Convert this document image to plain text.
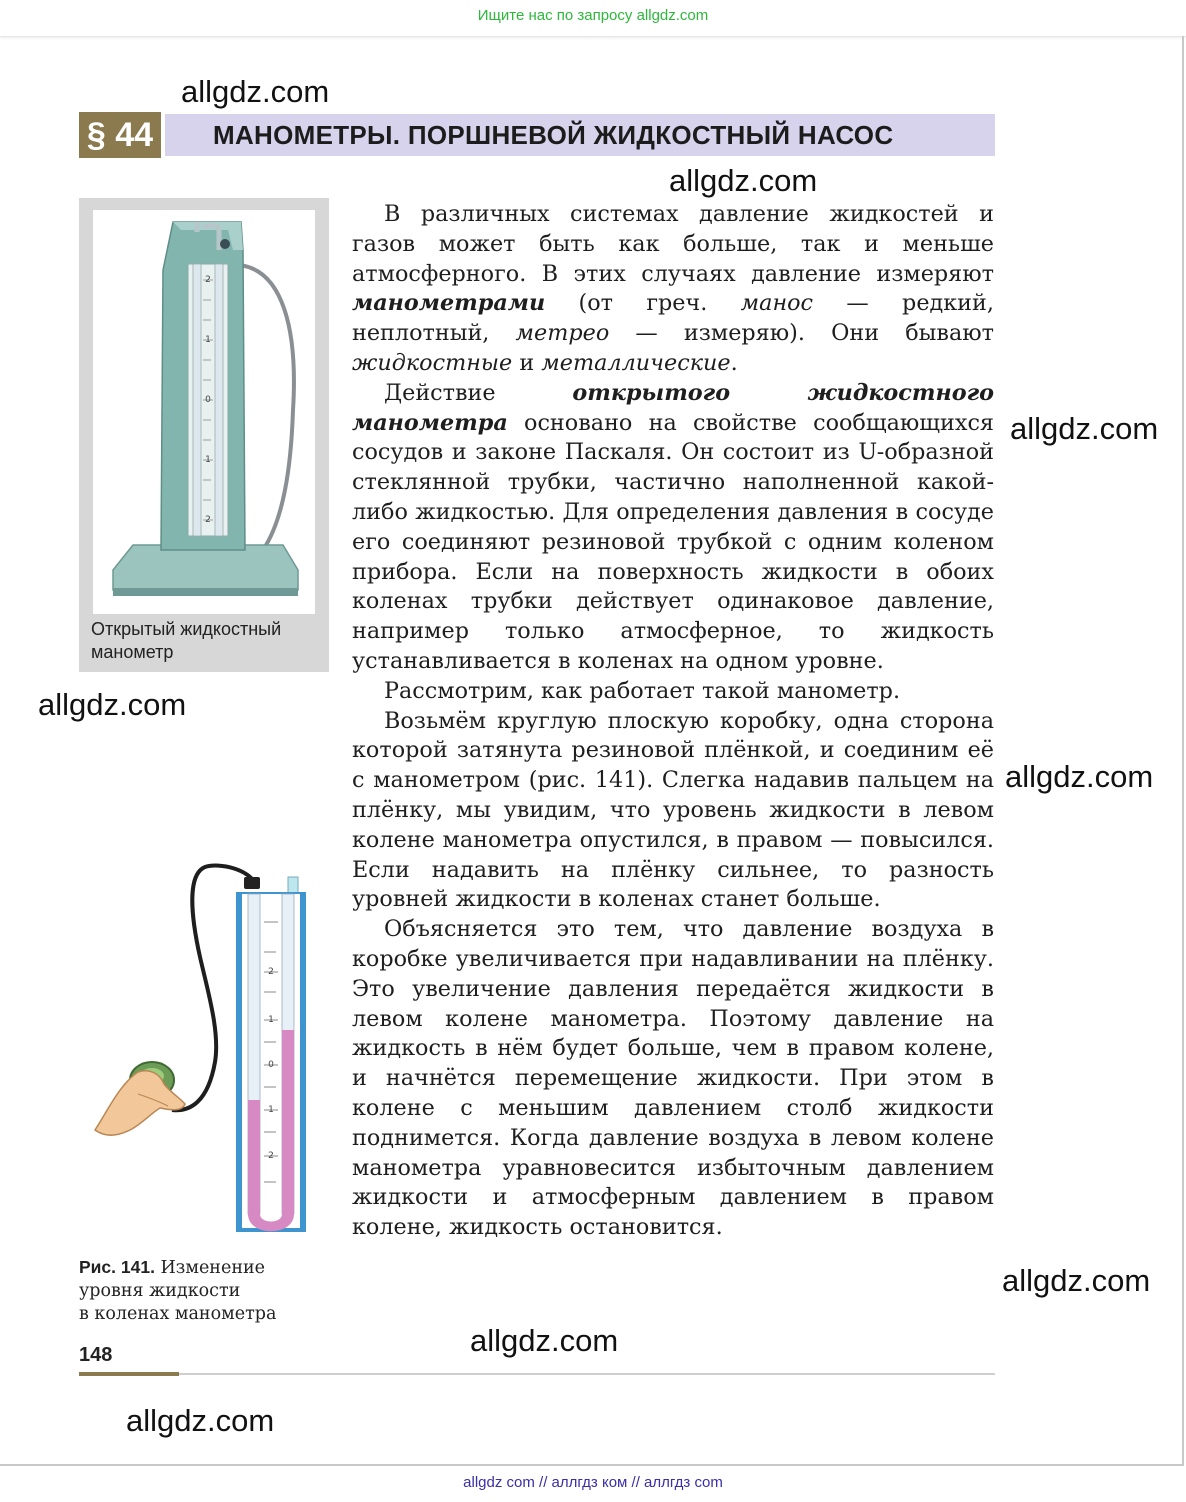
Ищите нас по запросу allgdz.com
allgdz.com
allgdz.com
allgdz.com
allgdz.com
allgdz.com
allgdz.com
allgdz.com
allgdz.com
§ 44	МАНОМЕТРЫ. ПОРШНЕВОЙ ЖИДКОСТНЫЙ НАСОС
2
1
0
1
2
Открытый жидкостный
манометр
2
1
0
1
2
Рис. 141. Изменение
уровня жидкости
в коленах манометра

В различных системах давление жидкостей и газов может быть как больше, так и меньше атмосферного. В этих случаях давление измеряют манометрами (от греч. манос — редкий, неплотный, метрео — измеряю). Они бывают жидкостные и металлические.

Действие открытого жидкостного манометра основано на свойстве сообщающихся сосудов и законе Паскаля. Он состоит из U-образной стеклянной трубки, частично наполненной какой-либо жидкостью. Для определения давления в сосуде его соединяют резиновой трубкой с одним коленом прибора. Если на поверхность жидкости в обоих коленах трубки действует одинаковое давление, например только атмосферное, то жидкость устанавливается в коленах на одном уровне.

Рассмотрим, как работает такой манометр.

Возьмём круглую плоскую коробку, одна сторона которой затянута резиновой плёнкой, и соединим её с манометром (рис. 141). Слегка надавив пальцем на плёнку, мы увидим, что уровень жидкости в левом колене манометра опустился, в правом — повысился. Если надавить на плёнку сильнее, то разность уровней жидкости в коленах станет больше.

Объясняется это тем, что давление воздуха в коробке увеличивается при надавливании на плёнку. Это увеличение давления передаётся жидкости в левом колене манометра. Поэтому давление на жидкость в нём будет больше, чем в правом колене, и начнётся перемещение жидкости. При этом в колене с меньшим давлением столб жидкости поднимется. Когда давление воздуха в левом колене манометра уравновесится избыточным давлением жидкости и атмосферным давлением в правом колене, жидкость остановится.

148
allgdz com // аллгдз ком // аллгдз com
